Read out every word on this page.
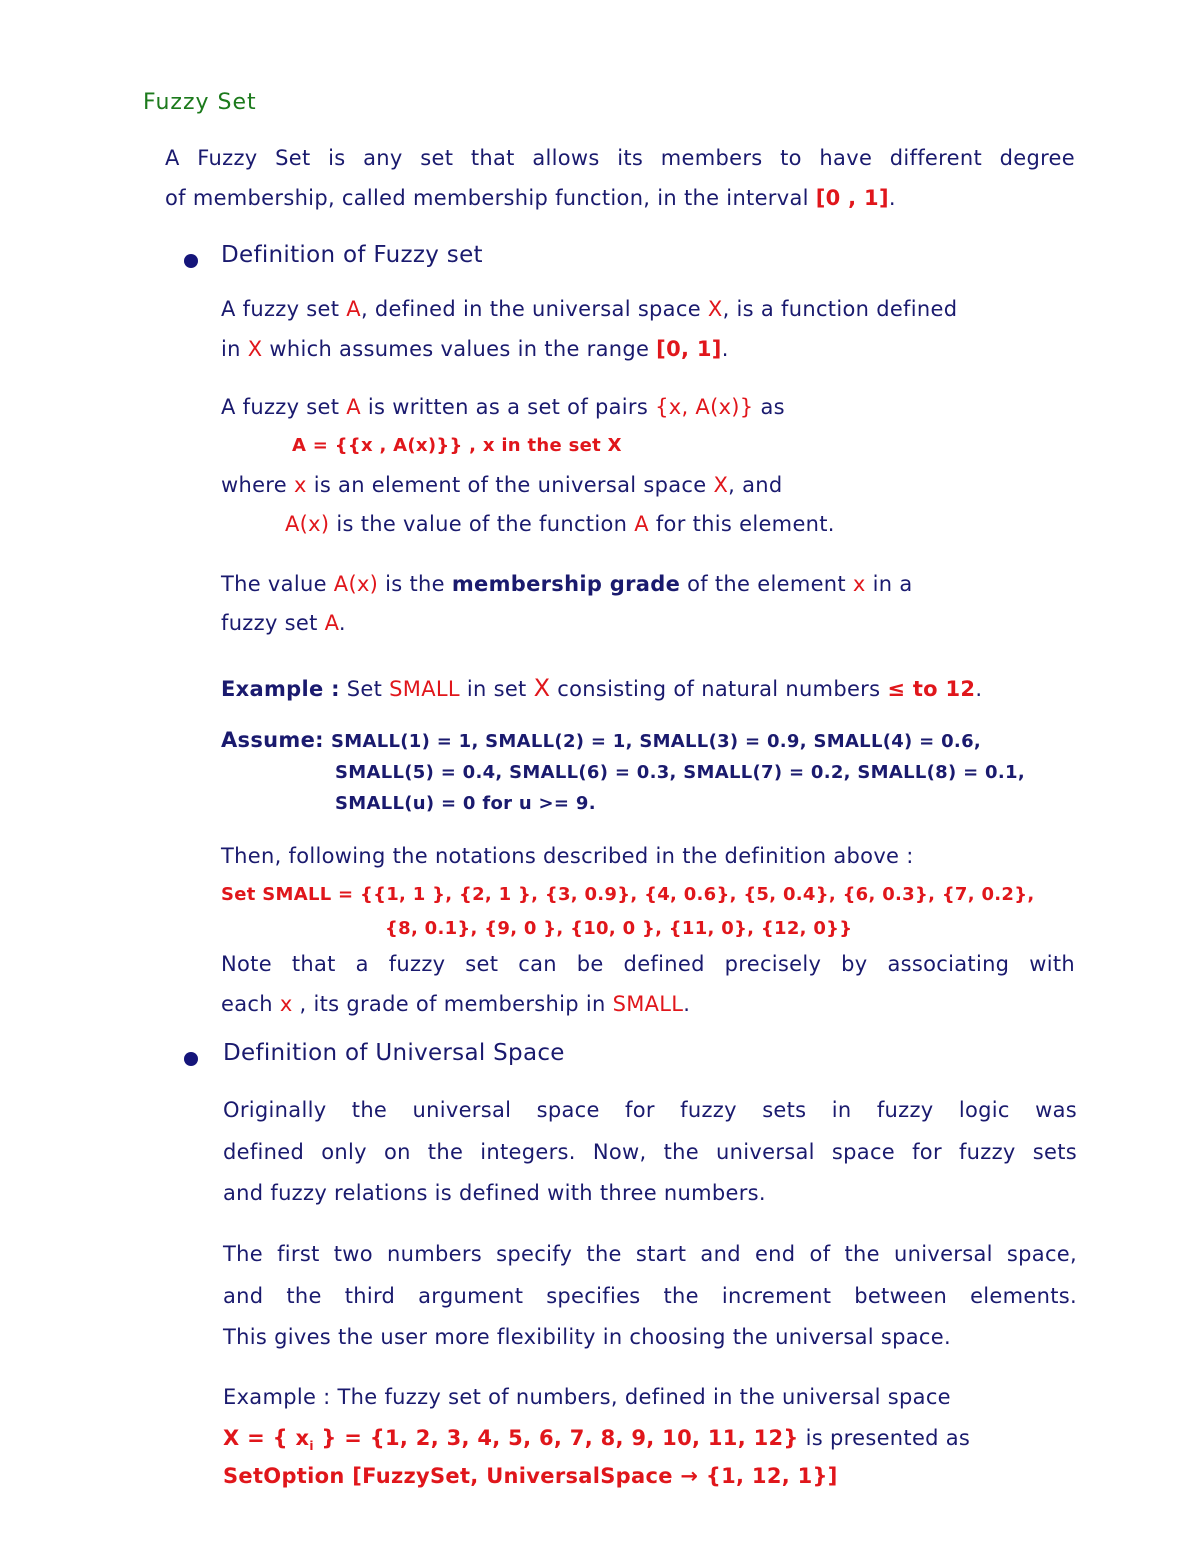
Fuzzy Set
A Fuzzy Set is any set that allows its members to have different degree
of membership, called membership function, in the interval [0 , 1].
Definition of Fuzzy set
A fuzzy set A, defined in the universal space X, is a function defined
in X which assumes values in the range [0, 1].
A fuzzy set A is written as a set of pairs {x, A(x)} as
A = {{x , A(x)}} , x in the set X
where x is an element of the universal space X, and
A(x) is the value of the function A for this element.
The value A(x) is the membership grade of the element x in a
fuzzy set A.
Example : Set SMALL in set X consisting of natural numbers ≤ to 12.
Assume: SMALL(1) = 1, SMALL(2) = 1, SMALL(3) = 0.9, SMALL(4) = 0.6,
SMALL(5) = 0.4, SMALL(6) = 0.3, SMALL(7) = 0.2, SMALL(8) = 0.1,
SMALL(u) = 0 for u >= 9.
Then, following the notations described in the definition above :
Set SMALL = {{1, 1 }, {2, 1 }, {3, 0.9}, {4, 0.6}, {5, 0.4}, {6, 0.3}, {7, 0.2},
{8, 0.1}, {9, 0 }, {10, 0 }, {11, 0}, {12, 0}}
Note that a fuzzy set can be defined precisely by associating with
each x , its grade of membership in SMALL.
Definition of Universal Space
Originally the universal space for fuzzy sets in fuzzy logic was
defined only on the integers. Now, the universal space for fuzzy sets
and fuzzy relations is defined with three numbers.
The first two numbers specify the start and end of the universal space,
and the third argument specifies the increment between elements.
This gives the user more flexibility in choosing the universal space.
Example : The fuzzy set of numbers, defined in the universal space
X = { $x_i$ } = {1, 2, 3, 4, 5, 6, 7, 8, 9, 10, 11, 12} is presented as
SetOption [FuzzySet, UniversalSpace → {1, 12, 1}]
